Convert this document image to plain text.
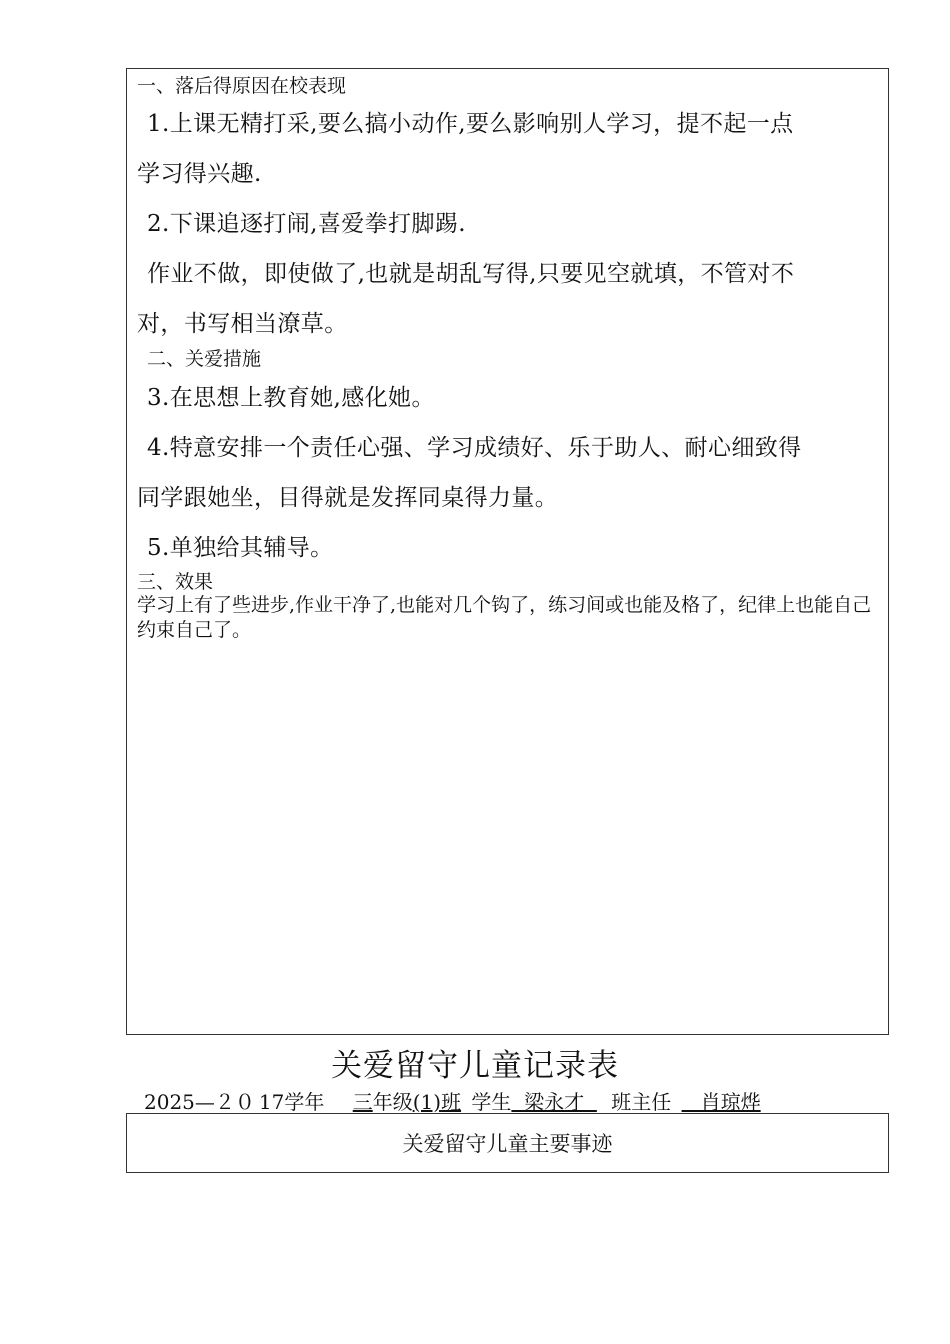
一、落后得原因在校表现
1.上课无精打采,要么搞小动作,要么影响别人学习，提不起一点
学习得兴趣.
2.下课追逐打闹,喜爱拳打脚踢.
作业不做，即使做了,也就是胡乱写得,只要见空就填，不管对不
对，书写相当潦草。
二、关爱措施
3.在思想上教育她,感化她。
4.特意安排一个责任心强、学习成绩好、乐于助人、耐心细致得
同学跟她坐，目得就是发挥同桌得力量。
5.单独给其辅导。
三、效果
学习上有了些进步,作业干净了,也能对几个钩了，练习间或也能及格了，纪律上也能自己约束自己了。
关爱留守儿童记录表
2025—２０ 17学年 三年级(1)班 学生  梁永才   班主任    肖琼烨
关爱留守儿童主要事迹
